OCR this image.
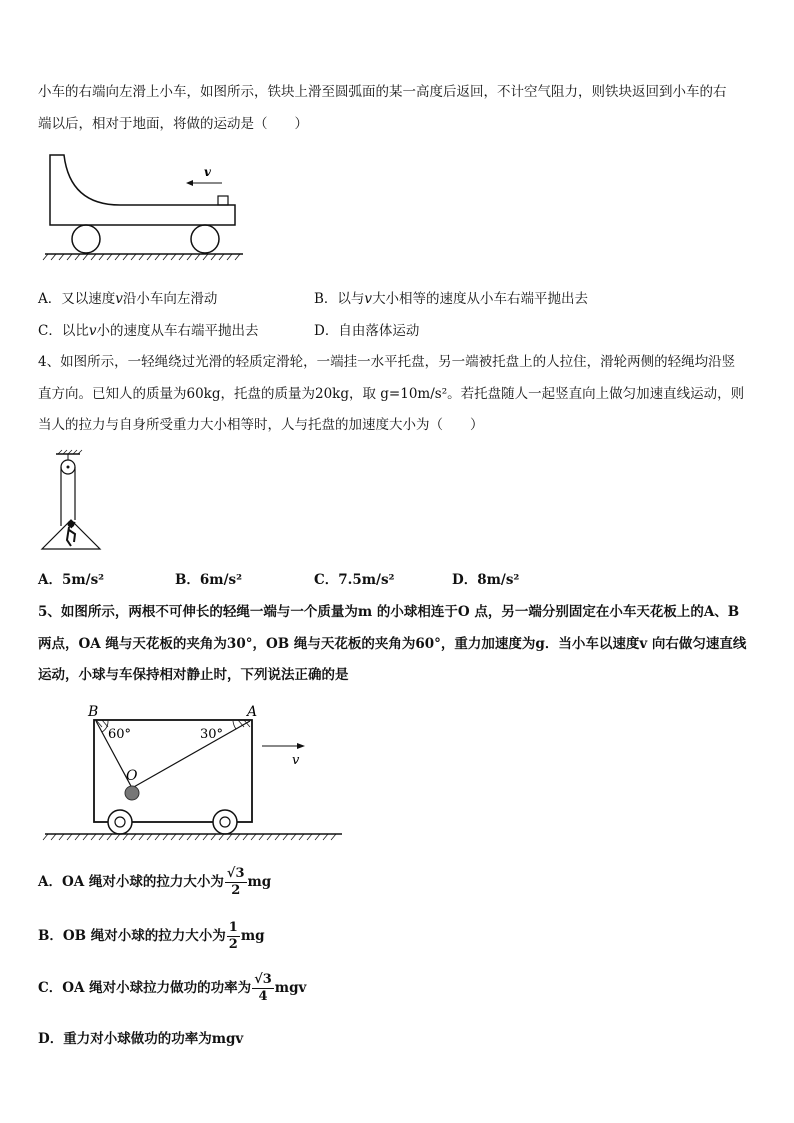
小车的右端向左滑上小车，如图所示，铁块上滑至圆弧面的某一高度后返回，不计空气阻力，则铁块返回到小车的右
端以后，相对于地面，将做的运动是（　　）
v
A．又以速度v沿小车向左滑动	B．以与v大小相等的速度从小车右端平抛出去
C．以比v小的速度从车右端平抛出去	D．自由落体运动
4、如图所示，一轻绳绕过光滑的轻质定滑轮，一端挂一水平托盘，另一端被托盘上的人拉住，滑轮两侧的轻绳均沿竖
直方向。已知人的质量为60kg，托盘的质量为20kg，取 g=10m/s²。若托盘随人一起竖直向上做匀加速直线运动，则
当人的拉力与自身所受重力大小相等时，人与托盘的加速度大小为（　　）
A．5m/s²	B．6m/s²	C．7.5m/s²	D．8m/s²
5、如图所示，两根不可伸长的轻绳一端与一个质量为m 的小球相连于O 点，另一端分别固定在小车天花板上的A、B
两点，OA 绳与天花板的夹角为30°，OB 绳与天花板的夹角为60°，重力加速度为g．当小车以速度v 向右做匀速直线
运动，小球与车保持相对静止时，下列说法正确的是
B	A
60°	30°
O
v
A．OA 绳对小球的拉力大小为 $\frac{√3}{2}$ mg
B．OB 绳对小球的拉力大小为 $\frac{1}{2}$ mg
C．OA 绳对小球拉力做功的功率为 $\frac{√3}{4}$ mgv
D．重力对小球做功的功率为mgv
